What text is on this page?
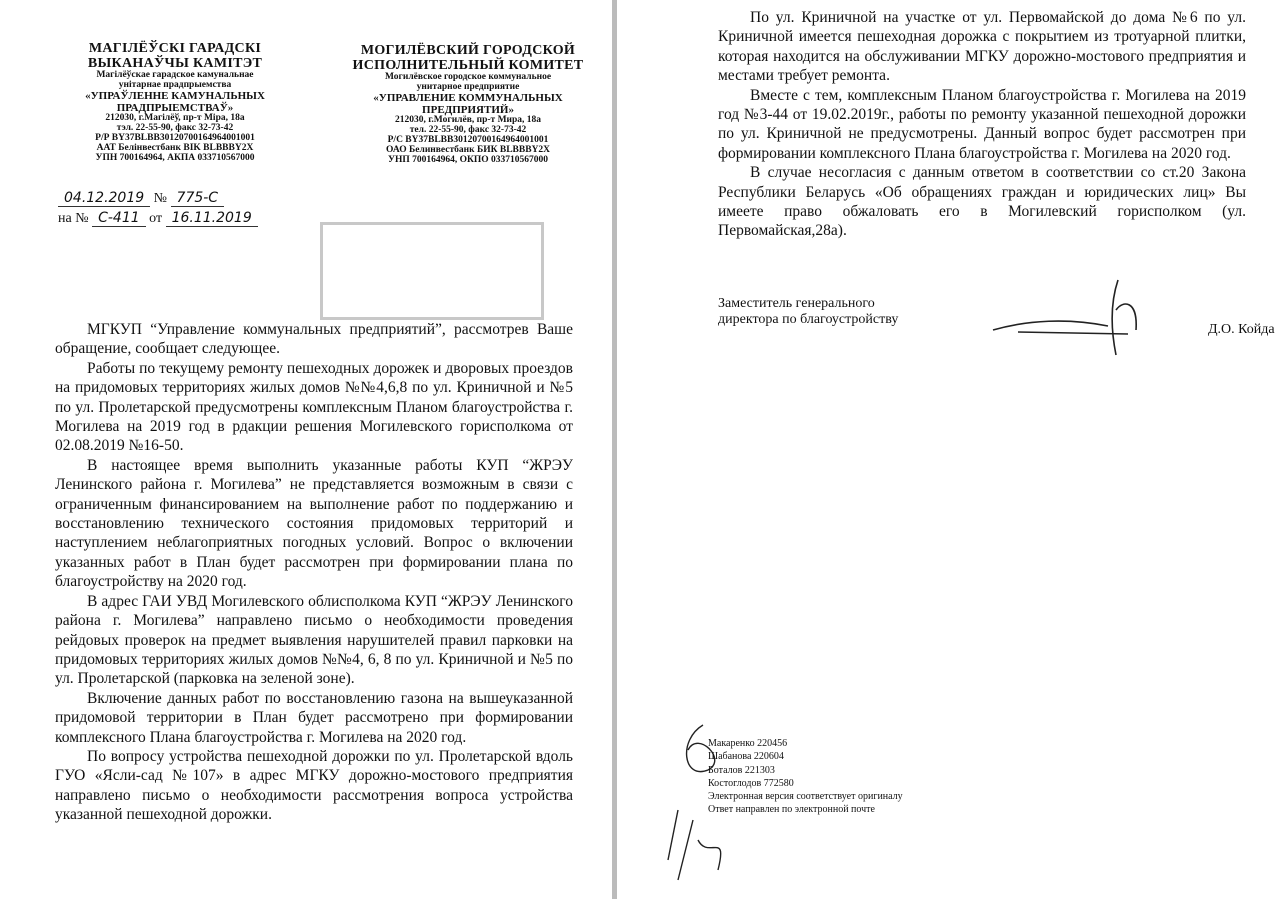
МАГІЛЁЎСКІ ГАРАДСКІ
ВЫКАНАЎЧЫ КАМІТЭТ
Магілёўскае гарадское камунальнае
унітарнае прадпрыемства
«УПРАЎЛЕННЕ КАМУНАЛЬНЫХ
ПРАДПРЫЕМСТВАЎ»
212030, г.Магілёў, пр-т Міра, 18а
тэл. 22-55-90, факс 32-73-42
Р/Р BY37BLBB30120700164964001001
ААТ Белінвестбанк BIK BLBBBY2X
УПН 700164964, АКПА 033710567000
МОГИЛЁВСКИЙ ГОРОДСКОЙ
ИСПОЛНИТЕЛЬНЫЙ КОМИТЕТ
Могилёвское городское коммунальное
унитарное предприятие
«УПРАВЛЕНИЕ КОММУНАЛЬНЫХ
ПРЕДПРИЯТИЙ»
212030, г.Могилёв, пр-т Мира, 18а
тел. 22-55-90, факс 32-73-42
Р/С BY37BLBB30120700164964001001
ОАО Белинвестбанк БИК BLBBBY2X
УНП 700164964, ОКПО 033710567000
04.12.2019 № 775-С
на № С-411 от 16.11.2019

МГКУП “Управление коммунальных предприятий”, рассмотрев Ваше обращение, сообщает следующее.

Работы по текущему ремонту пешеходных дорожек и дворовых проездов на придомовых территориях жилых домов №№4,6,8 по ул. Криничной и №5 по ул. Пролетарской предусмотрены комплексным Планом благоустройства г. Могилева на 2019 год в рдакции решения Могилевского горисполкома от 02.08.2019 №16-50.

В настоящее время выполнить указанные работы КУП “ЖРЭУ Ленинского района г. Могилева” не представляется возможным в связи с ограниченным финансированием на выполнение работ по поддержанию и восстановлению технического состояния придомовых территорий и наступлением неблагоприятных погодных условий. Вопрос о включении указанных работ в План будет рассмотрен при формировании плана по благоустройству на 2020 год.

В адрес ГАИ УВД Могилевского облисполкома КУП “ЖРЭУ Ленинского района г. Могилева” направлено письмо о необходимости проведения рейдовых проверок на предмет выявления нарушителей правил парковки на придомовых территориях жилых домов №№4, 6, 8 по ул. Криничной и №5 по ул. Пролетарской (парковка на зеленой зоне).

Включение данных работ по восстановлению газона на вышеуказанной придомовой территории в План будет рассмотрено при формировании комплексного Плана благоустройства г. Могилева на 2020 год.

По вопросу устройства пешеходной дорожки по ул. Пролетарской вдоль ГУО «Ясли-сад №107» в адрес МГКУ дорожно-мостового предприятия направлено письмо о необходимости рассмотрения вопроса устройства указанной пешеходной дорожки.

По ул. Криничной на участке от ул. Первомайской до дома №6 по ул. Криничной имеется пешеходная дорожка с покрытием из тротуарной плитки, которая находится на обслуживании МГКУ дорожно-мостового предприятия и местами требует ремонта.

Вместе с тем, комплексным Планом благоустройства г. Могилева на 2019 год №3-44 от 19.02.2019г., работы по ремонту указанной пешеходной дорожки по ул. Криничной не предусмотрены. Данный вопрос будет рассмотрен при формировании комплексного Плана благоустройства г. Могилева на 2020 год.

В случае несогласия с данным ответом в соответствии со ст.20 Закона Республики Беларусь «Об обращениях граждан и юридических лиц» Вы имеете право обжаловать его в Могилевский горисполком (ул. Первомайская,28а).

Заместитель генерального
директора по благоустройству
Д.О. Койда
Макаренко 220456
Шабанова 220604
Боталов 221303
Костоглодов 772580
Электронная версия соответствует оригиналу
Ответ направлен по электронной почте
